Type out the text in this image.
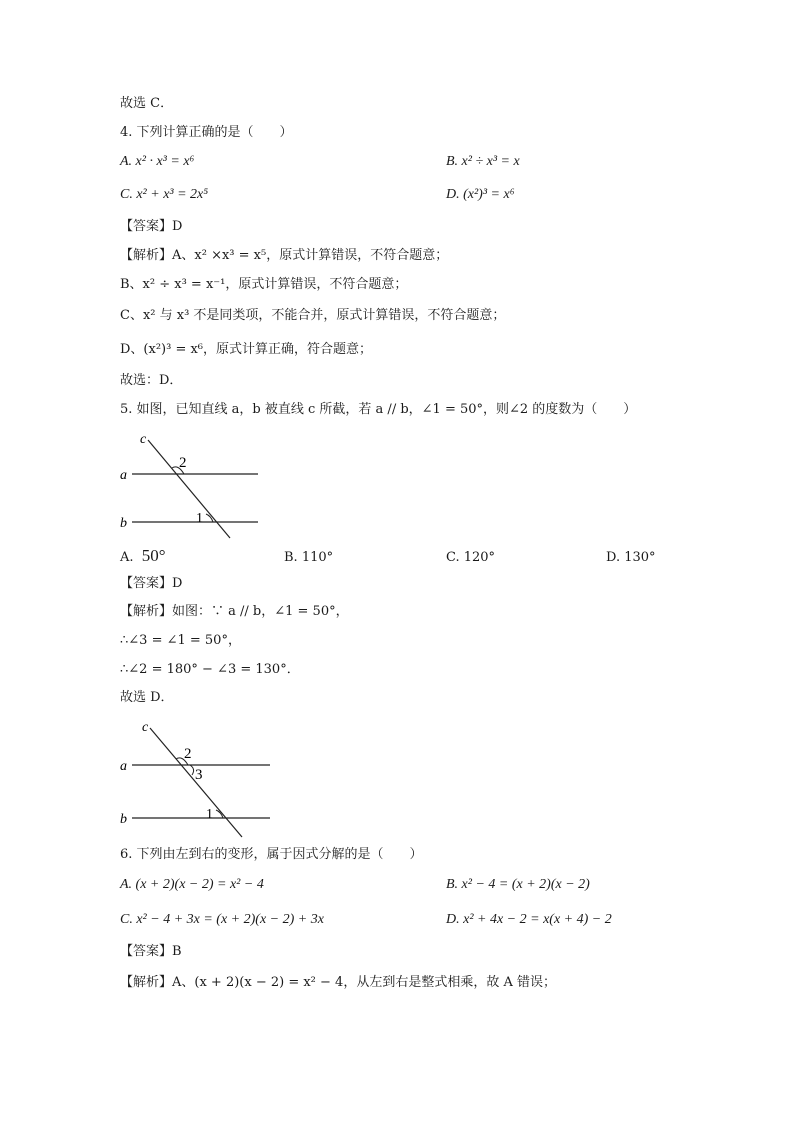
故选 C．
4. 下列计算正确的是（　　）
A. x² · x³ = x⁶	B. x² ÷ x³ = x
C. x² + x³ = 2x⁵	D. (x²)³ = x⁶
【答案】D
【解析】A、x² ×x³ = x⁵，原式计算错误，不符合题意；
B、x² ÷ x³ = x⁻¹，原式计算错误，不符合题意；
C、x² 与 x³ 不是同类项，不能合并，原式计算错误，不符合题意；
D、(x²)³ = x⁶，原式计算正确，符合题意；
故选：D．
5. 如图，已知直线 a，b 被直线 c 所截，若 a // b，∠1 = 50°，则∠2 的度数为（　　）
c
a
b
2
1
A. 50°	B. 110°	C. 120°	D. 130°
【答案】D
【解析】如图：∵ a // b，∠1 = 50°，
∴∠3 = ∠1 = 50°，
∴∠2 = 180° − ∠3 = 130°．
故选 D．
c
a
b
2
3
1
6. 下列由左到右的变形，属于因式分解的是（　　）
A. (x + 2)(x − 2) = x² − 4	B. x² − 4 = (x + 2)(x − 2)
C. x² − 4 + 3x = (x + 2)(x − 2) + 3x	D. x² + 4x − 2 = x(x + 4) − 2
【答案】B
【解析】A、(x + 2)(x − 2) = x² − 4，从左到右是整式相乘，故 A 错误；
